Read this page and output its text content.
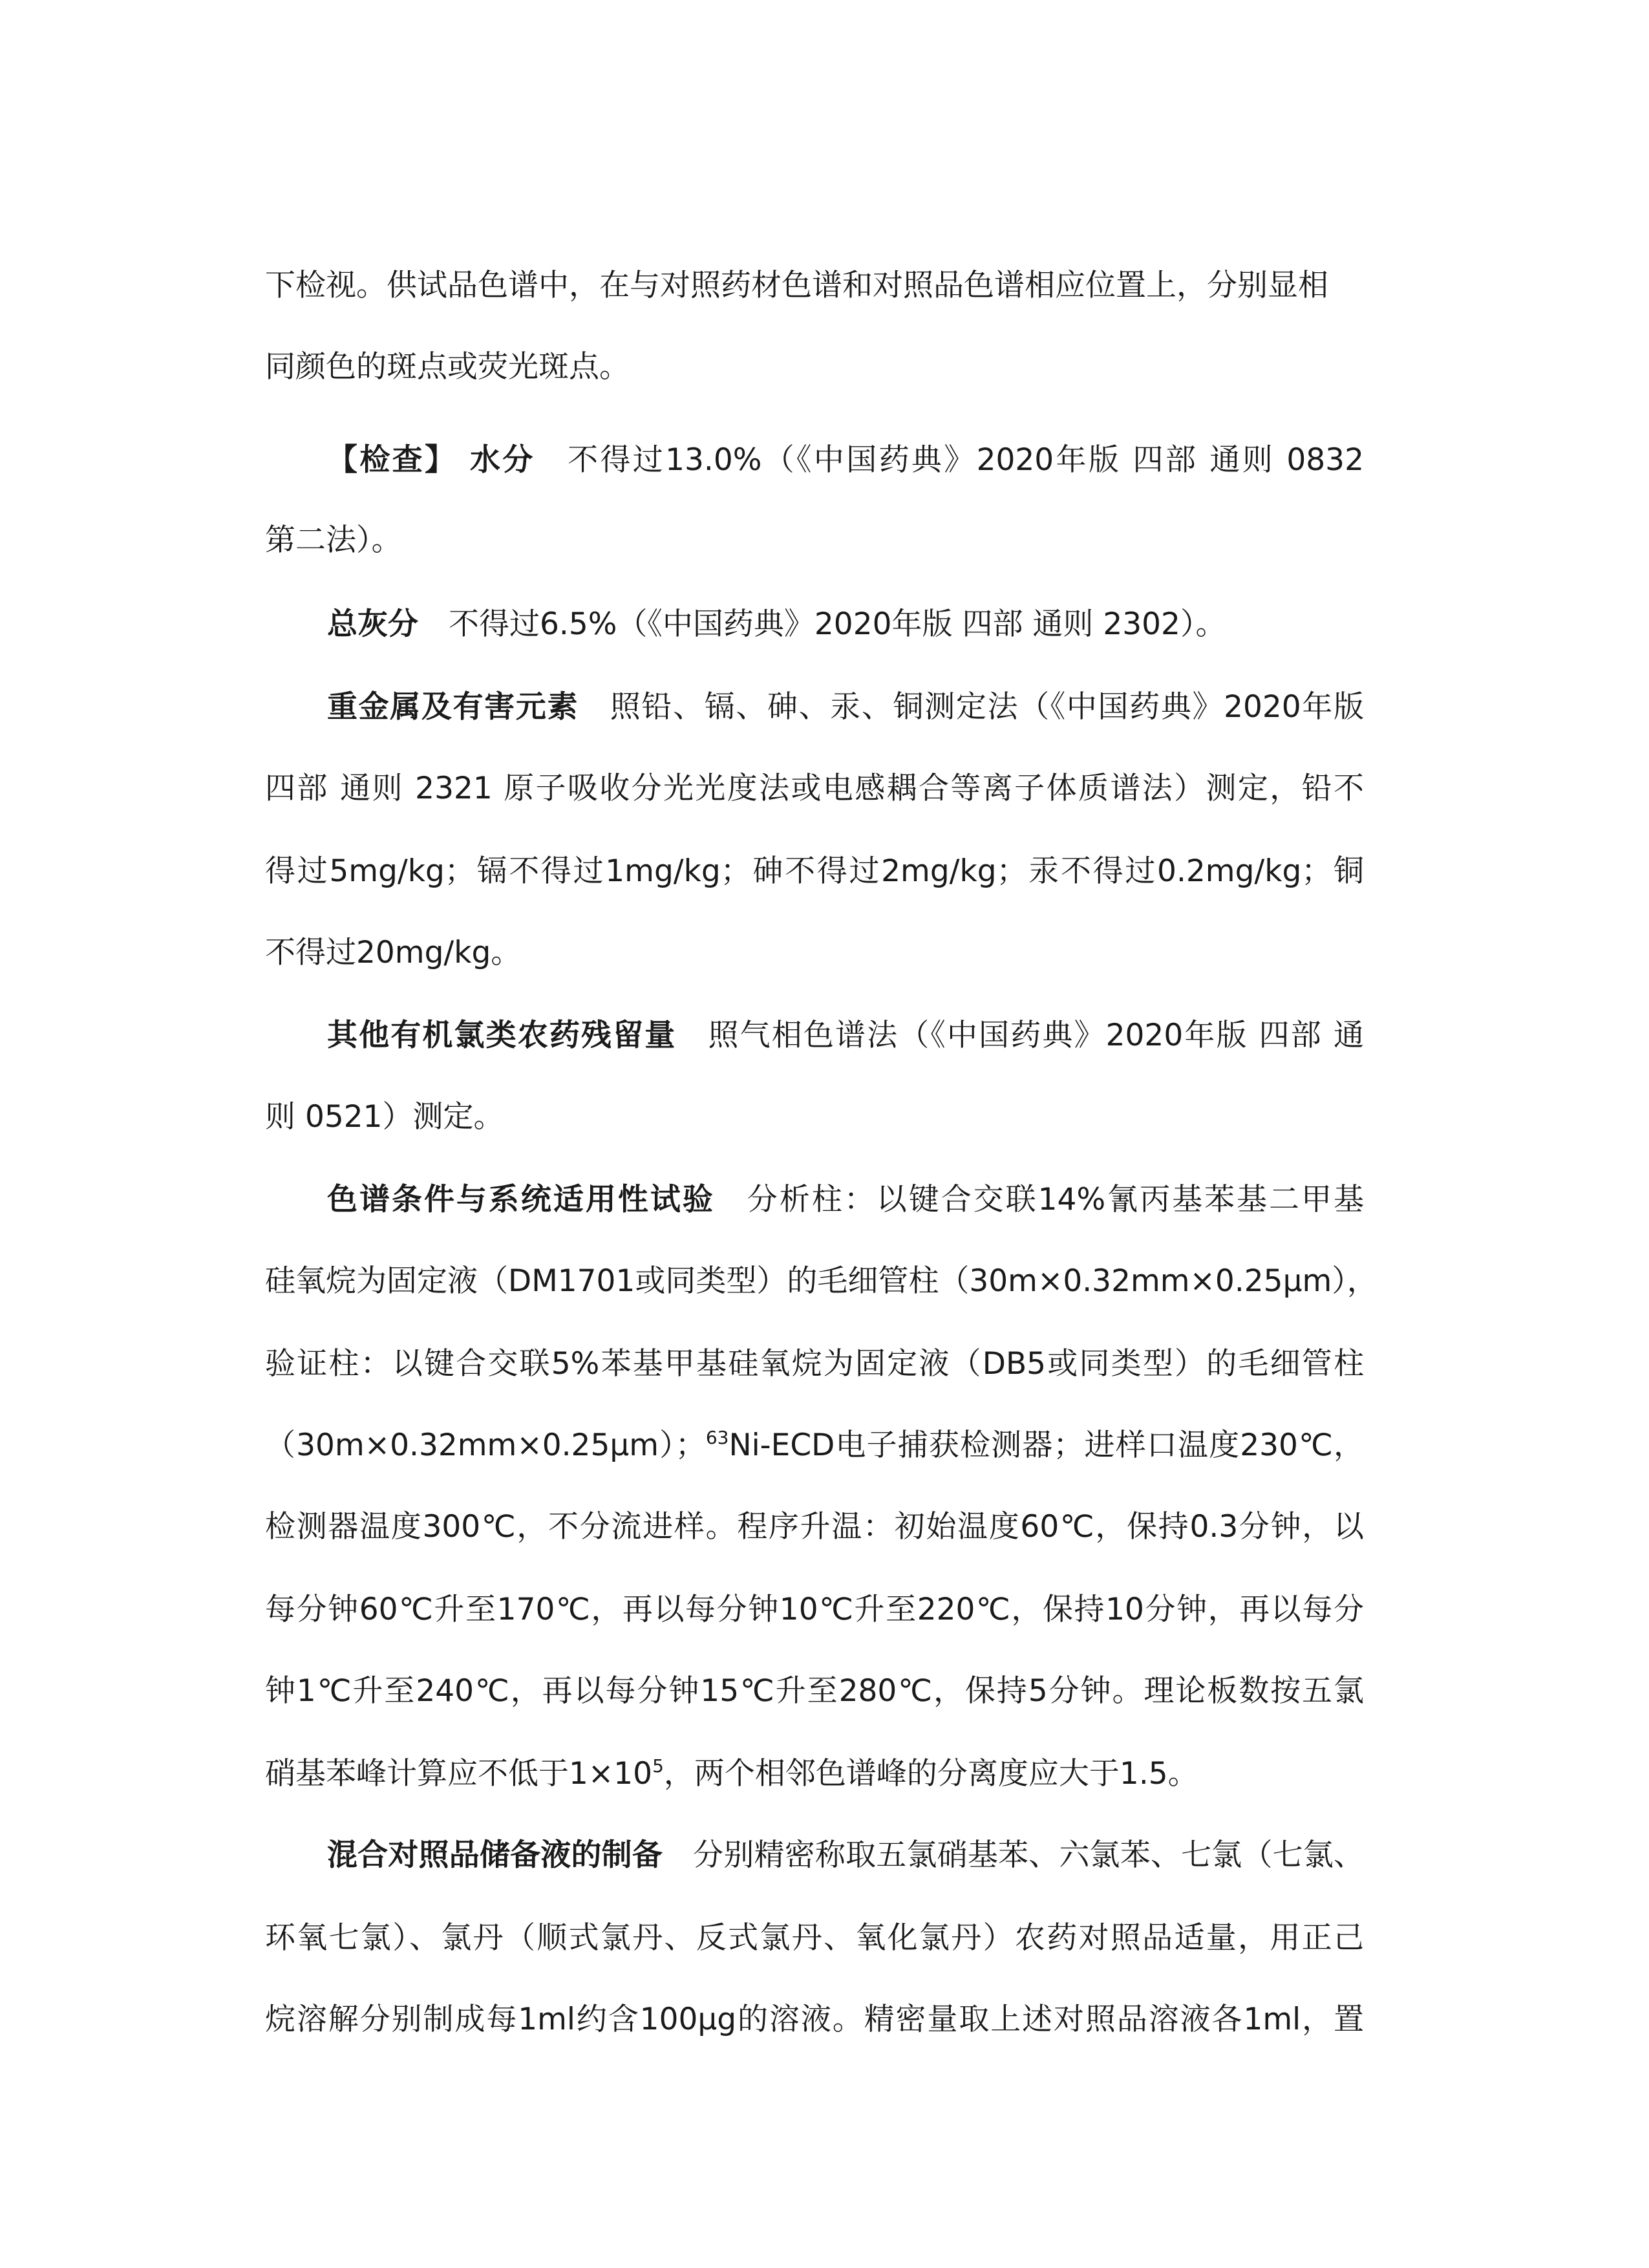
下检视。供试品色谱中，在与对照药材色谱和对照品色谱相应位置上，分别显相
同颜色的斑点或荧光斑点。
【检查】 水分　不得过13.0%（《中国药典》2020年版 四部 通则 0832
第二法）。
总灰分　不得过6.5%（《中国药典》2020年版 四部 通则 2302）。
重金属及有害元素　照铅、镉、砷、汞、铜测定法（《中国药典》2020年版
四部 通则 2321 原子吸收分光光度法或电感耦合等离子体质谱法）测定，铅不
得过5mg/kg；镉不得过1mg/kg；砷不得过2mg/kg；汞不得过0.2mg/kg；铜
不得过20mg/kg。
其他有机氯类农药残留量　照气相色谱法（《中国药典》2020年版 四部 通
则 0521）测定。
色谱条件与系统适用性试验　分析柱：以键合交联14%氰丙基苯基二甲基
硅氧烷为固定液（DM1701或同类型）的毛细管柱（30m×0.32mm×0.25μm），
验证柱：以键合交联5%苯基甲基硅氧烷为固定液（DB5或同类型）的毛细管柱
（30m×0.32mm×0.25μm）；$^{63}$Ni-ECD电子捕获检测器；进样口温度230℃，
检测器温度300℃，不分流进样。程序升温：初始温度60℃，保持0.3分钟，以
每分钟60℃升至170℃，再以每分钟10℃升至220℃，保持10分钟，再以每分
钟1℃升至240℃，再以每分钟15℃升至280℃，保持5分钟。理论板数按五氯
硝基苯峰计算应不低于$1\times 10^5$，两个相邻色谱峰的分离度应大于1.5。
混合对照品储备液的制备　分别精密称取五氯硝基苯、六氯苯、七氯（七氯、
环氧七氯）、氯丹（顺式氯丹、反式氯丹、氧化氯丹）农药对照品适量，用正己
烷溶解分别制成每1ml约含100μg的溶液。精密量取上述对照品溶液各1ml，置
